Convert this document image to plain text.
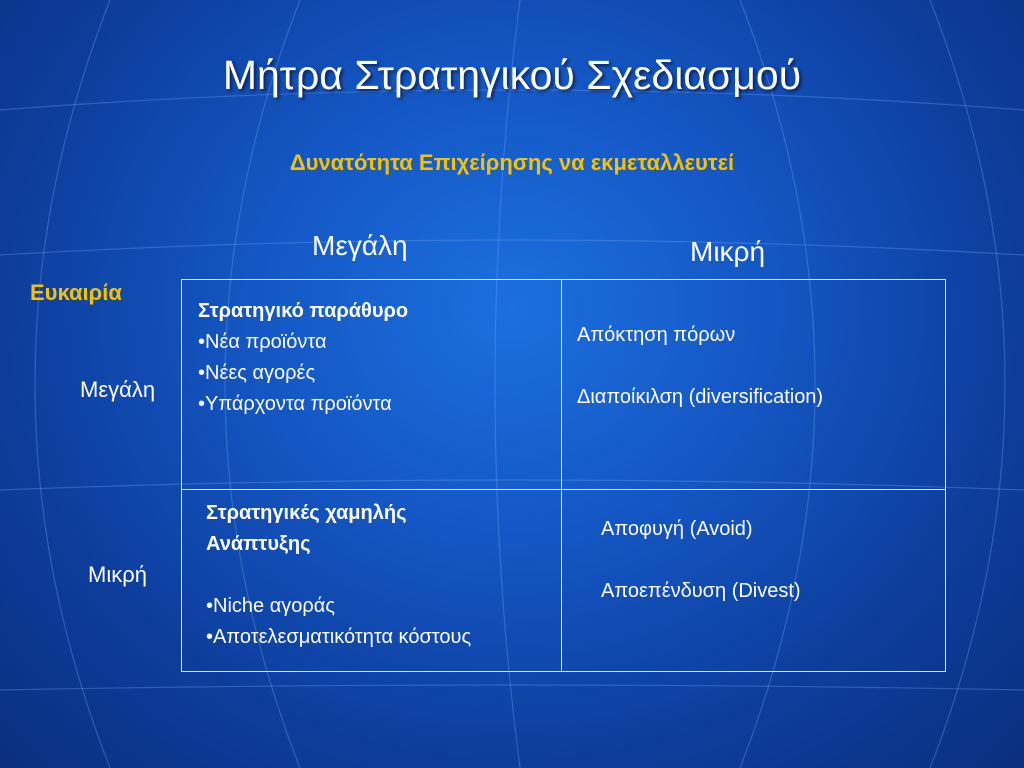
Μήτρα Στρατηγικού Σχεδιασμού
Δυνατότητα Επιχείρησης να εκμεταλλευτεί
Μεγάλη	Μικρή
Ευκαιρία
Μεγάλη
Μικρή
Στρατηγικό παράθυρο
•Νέα προϊόντα
•Νέες αγορές
•Υπάρχοντα προϊόντα
Απόκτηση πόρων
Διαποίκιλση (diversification)
Στρατηγικές χαμηλής
Ανάπτυξης
•Niche αγοράς
•Αποτελεσματικότητα κόστους
Αποφυγή (Avoid)
Αποεπένδυση (Divest)
